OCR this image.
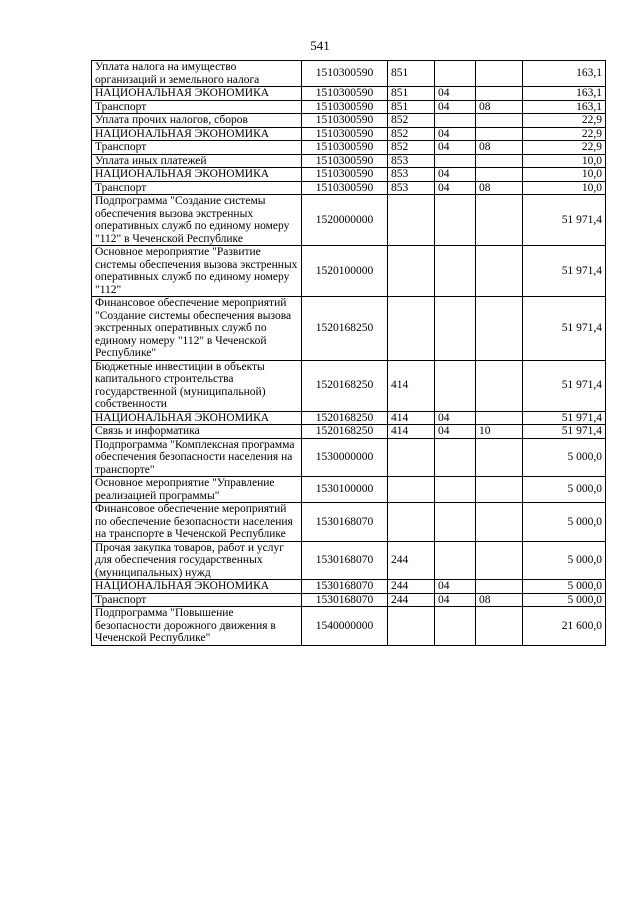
541
Уплата налога на имущество организаций и земельного налога	1510300590	851			163,1
НАЦИОНАЛЬНАЯ ЭКОНОМИКА	1510300590	851	04		163,1
Транспорт	1510300590	851	04	08	163,1
Уплата прочих налогов, сборов	1510300590	852			22,9
НАЦИОНАЛЬНАЯ ЭКОНОМИКА	1510300590	852	04		22,9
Транспорт	1510300590	852	04	08	22,9
Уплата иных платежей	1510300590	853			10,0
НАЦИОНАЛЬНАЯ ЭКОНОМИКА	1510300590	853	04		10,0
Транспорт	1510300590	853	04	08	10,0
Подпрограмма "Создание системы обеспечения вызова экстренных оперативных служб по единому номеру "112" в Чеченской Республике	1520000000				51 971,4
Основное мероприятие "Развитие системы обеспечения вызова экстренных оперативных служб по единому номеру "112"	1520100000				51 971,4
Финансовое обеспечение мероприятий "Создание системы обеспечения вызова экстренных оперативных служб по единому номеру "112" в Чеченской Республике"	1520168250				51 971,4
Бюджетные инвестиции в объекты капитального строительства государственной (муниципальной) собственности	1520168250	414			51 971,4
НАЦИОНАЛЬНАЯ ЭКОНОМИКА	1520168250	414	04		51 971,4
Связь и информатика	1520168250	414	04	10	51 971,4
Подпрограмма "Комплексная программа обеспечения безопасности населения на транспорте"	1530000000				5 000,0
Основное мероприятие "Управление реализацией программы"	1530100000				5 000,0
Финансовое обеспечение мероприятий по обеспечение безопасности населения на транспорте в Чеченской Республике	1530168070				5 000,0
Прочая закупка товаров, работ и услуг для обеспечения государственных (муниципальных) нужд	1530168070	244			5 000,0
НАЦИОНАЛЬНАЯ ЭКОНОМИКА	1530168070	244	04		5 000,0
Транспорт	1530168070	244	04	08	5 000,0
Подпрограмма "Повышение безопасности дорожного движения в Чеченской Республике"	1540000000				21 600,0
